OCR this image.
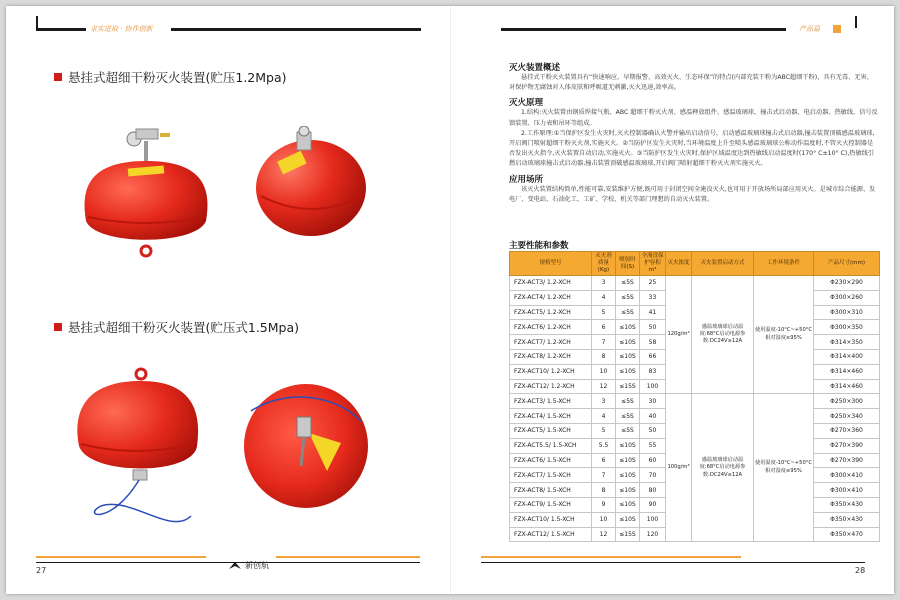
求实进取 · 协作创新
悬挂式超细干粉灭火装置(贮压1.2Mpa)
悬挂式超细干粉灭火装置(贮压式1.5Mpa)
27
新创航
产品篇
灭火装置概述
悬挂式干粉灭火装置具有“快速响应、早期报警、高效灭火、生态环保”的特点(内部充装干粉为ABC超细干粉)，具有无毒、无害、对保护物无腐蚀对人体皮肤和呼吸道无刺激,灭火迅速,效率高。
灭火原理
1.结构:灭火装置由钢质焊接气瓶、ABC 超细干粉灭火剂、感温释放组件、感温玻璃球、撞击式启动器、电启动器、热敏线、信号反馈装置、压力表和吊环等组成。
2.工作原理:①当保护区发生火灾时,灭火控制器确认火警并输出启动信号，启动感温玻璃球撞击式启动器,撞击装置顶破感温玻璃球,开启阀门喷射超细干粉灭火剂,实施灭火。②当防护区发生火灾时,当环境温度上升至喷头感温玻璃球公称动作温度时,不管灭火控制器是否发出灭火指令,灭火装置自动启动,实施灭火。③当防护区发生火灾时,保护区域温度达到热敏线启动温度时(170° C±10° C),热敏线引燃启动玻璃球撞击式启动器,撞击装置顶破感温玻璃球,开启阀门喷射超细干粉灭火剂实施灭火。
应用场所
该灭火装置结构简单,性能可靠,安装维护方便,既可用于封闭空间全淹没灭火,也可用于开放场所局部应用灭火。是城市综合能源、发电厂、变电站、石油化工、工矿、学校、机关等部门理想的自动灭火装置。
主要性能和参数
规格型号	灭火剂质量(Kg)	喷射时间(S)	全淹没保护容积m³	灭火浓度	灭火装置启动方式	工作环境条件	产品尺寸(mm)
FZX-ACT3/ 1.2-XCH	3	≤5S	25	120g/m³	感温玻璃球启动温度:68°C启动电源参数:DC24V≥12A	使用温度-10°C~+50°C相对湿度≤95%	Φ230×290
FZX-ACT4/ 1.2-XCH	4	≤5S	33				Φ300×260
FZX-ACT5/ 1.2-XCH	5	≤5S	41				Φ300×310
FZX-ACT6/ 1.2-XCH	6	≤10S	50				Φ300×350
FZX-ACT7/ 1.2-XCH	7	≤10S	58				Φ314×350
FZX-ACT8/ 1.2-XCH	8	≤10S	66				Φ314×400
FZX-ACT10/ 1.2-XCH	10	≤10S	83				Φ314×460
FZX-ACT12/ 1.2-XCH	12	≤15S	100				Φ314×460
FZX-ACT3/ 1.5-XCH	3	≤5S	30	100g/m³	感温玻璃球启动温度:68°C启动电源参数:DC24V≥12A	使用温度-10°C~+50°C相对湿度≤95%	Φ250×300
FZX-ACT4/ 1.5-XCH	4	≤5S	40				Φ250×340
FZX-ACT5/ 1.5-XCH	5	≤5S	50				Φ270×360
FZX-ACT5.5/ 1.5-XCH	5.5	≤10S	55				Φ270×390
FZX-ACT6/ 1.5-XCH	6	≤10S	60				Φ270×390
FZX-ACT7/ 1.5-XCH	7	≤10S	70				Φ300×410
FZX-ACT8/ 1.5-XCH	8	≤10S	80				Φ300×410
FZX-ACT9/ 1.5-XCH	9	≤10S	90				Φ350×430
FZX-ACT10/ 1.5-XCH	10	≤10S	100				Φ350×430
FZX-ACT12/ 1.5-XCH	12	≤15S	120				Φ350×470
28
